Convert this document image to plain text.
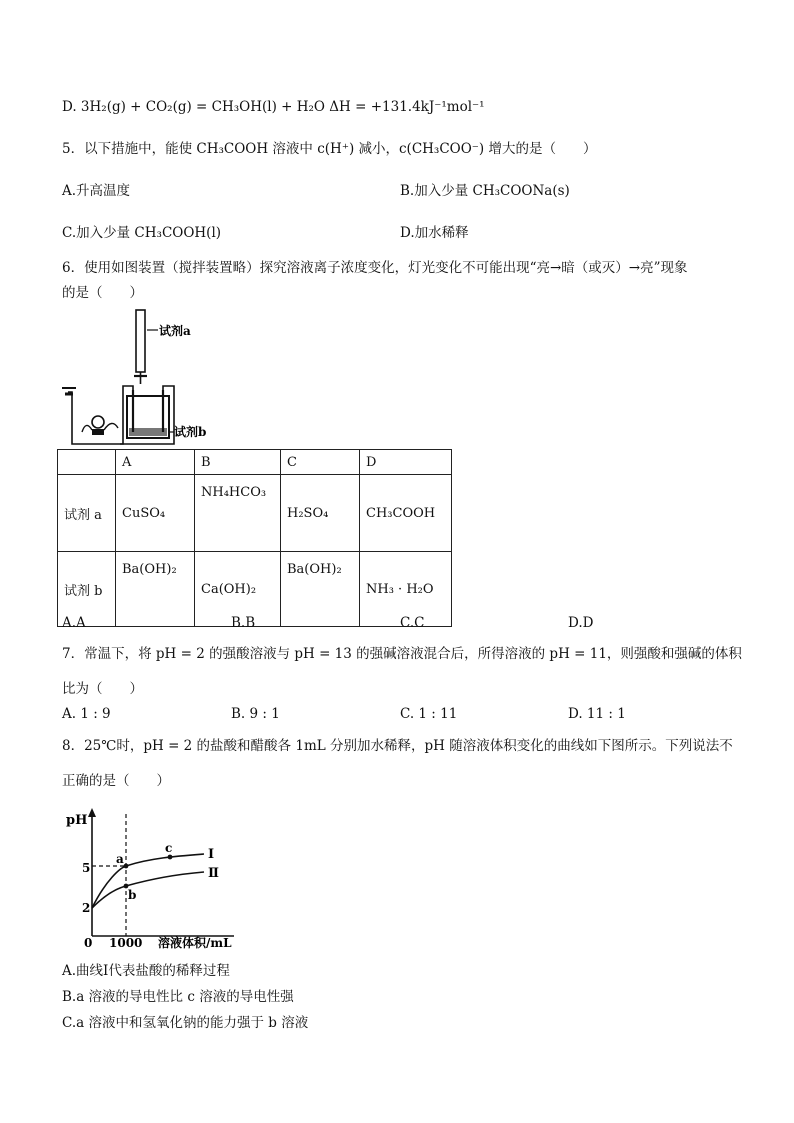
D. 3H₂(g) + CO₂(g) = CH₃OH(l) + H₂O ΔH = +131.4kJ⁻¹mol⁻¹
5．以下措施中，能使 CH₃COOH 溶液中 c(H⁺) 减小，c(CH₃COO⁻) 增大的是（　　）
A.升高温度	B.加入少量 CH₃COONa(s)
C.加入少量 CH₃COOH(l)	D.加水稀释
6．使用如图装置（搅拌装置略）探究溶液离子浓度变化，灯光变化不可能出现“亮→暗（或灭）→亮”现象
的是（　　）
试剂a
试剂b
	A	B	C	D
试剂 a	CuSO₄	NH₄HCO₃	H₂SO₄	CH₃COOH
试剂 b	Ba(OH)₂	Ca(OH)₂	Ba(OH)₂	NH₃ · H₂O
A.A	B.B	C.C	D.D
7．常温下，将 pH = 2 的强酸溶液与 pH = 13 的强碱溶液混合后，所得溶液的 pH = 11，则强酸和强碱的体积
比为（　　）
A. 1 : 9	B. 9 : 1	C. 1 : 11	D. 11 : 1
8．25℃时，pH = 2 的盐酸和醋酸各 1mL 分别加水稀释，pH 随溶液体积变化的曲线如下图所示。下列说法不
正确的是（　　）
pH
溶液体积/mL
0 1000
5
2
a
b
c	Ⅰ
Ⅱ
A.曲线Ⅰ代表盐酸的稀释过程
B.a 溶液的导电性比 c 溶液的导电性强
C.a 溶液中和氢氧化钠的能力强于 b 溶液
